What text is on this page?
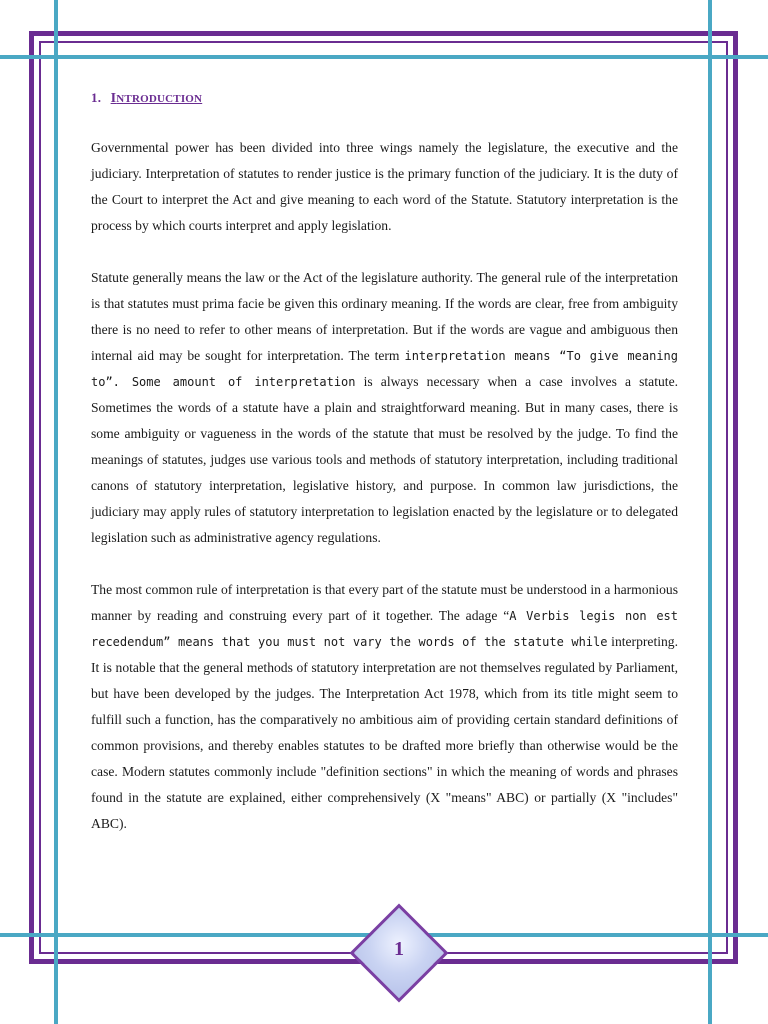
1. INTRODUCTION

Governmental power has been divided into three wings namely the legislature, the executive and the judiciary. Interpretation of statutes to render justice is the primary function of the judiciary. It is the duty of the Court to interpret the Act and give meaning to each word of the Statute. Statutory interpretation is the process by which courts interpret and apply legislation.

Statute generally means the law or the Act of the legislature authority. The general rule of the interpretation is that statutes must prima facie be given this ordinary meaning. If the words are clear, free from ambiguity there is no need to refer to other means of interpretation. But if the words are vague and ambiguous then internal aid may be sought for interpretation. The term interpretation means “To give meaning to”. Some amount of interpretation is always necessary when a case involves a statute. Sometimes the words of a statute have a plain and straightforward meaning. But in many cases, there is some ambiguity or vagueness in the words of the statute that must be resolved by the judge. To find the meanings of statutes, judges use various tools and methods of statutory interpretation, including traditional canons of statutory interpretation, legislative history, and purpose. In common law jurisdictions, the judiciary may apply rules of statutory interpretation to legislation enacted by the legislature or to delegated legislation such as administrative agency regulations.

The most common rule of interpretation is that every part of the statute must be understood in a harmonious manner by reading and construing every part of it together. The adage “A Verbis legis non est recedendum” means that you must not vary the words of the statute while interpreting. It is notable that the general methods of statutory interpretation are not themselves regulated by Parliament, but have been developed by the judges. The Interpretation Act 1978, which from its title might seem to fulfill such a function, has the comparatively no ambitious aim of providing certain standard definitions of common provisions, and thereby enables statutes to be drafted more briefly than otherwise would be the case. Modern statutes commonly include "definition sections" in which the meaning of words and phrases found in the statute are explained, either comprehensively (X "means" ABC) or partially (X "includes" ABC).

1
